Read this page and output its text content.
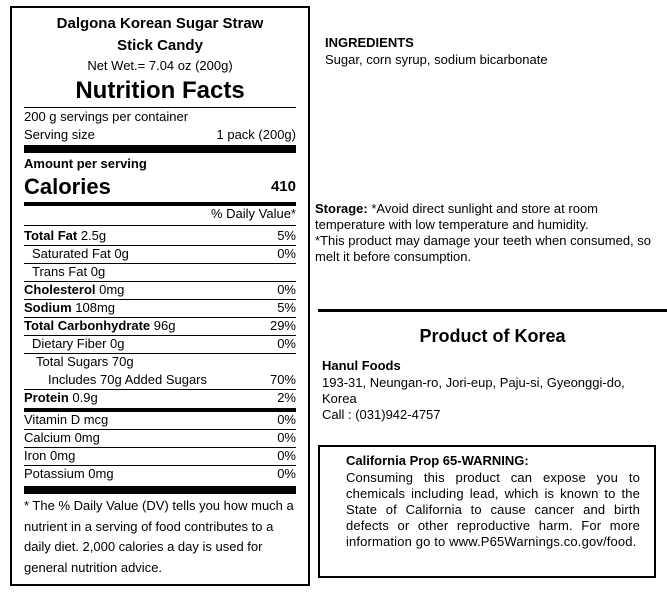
Dalgona Korean Sugar Straw
Stick Candy
Net Wet.= 7.04 oz (200g)
Nutrition Facts
200 g servings per container
Serving size	1 pack (200g)
Amount per serving
Calories	410
% Daily Value*
Total Fat 2.5g	5%
Saturated Fat 0g	0%
Trans Fat 0g
Cholesterol 0mg	0%
Sodium 108mg	5%
Total Carbonhydrate 96g	29%
Dietary Fiber 0g	0%
Total Sugars 70g
Includes 70g Added Sugars	70%
Protein 0.9g	2%
Vitamin D mcg	0%
Calcium 0mg	0%
Iron 0mg	0%
Potassium 0mg	0%
* The % Daily Value (DV) tells you how much a nutrient in a serving of food contributes to a daily diet. 2,000 calories a day is used for general nutrition advice.
INGREDIENTS
Sugar, corn syrup, sodium bicarbonate
Storage: *Avoid direct sunlight and store at room temperature with low temperature and humidity.
*This product may damage your teeth when consumed, so melt it before consumption.
Product of Korea
Hanul Foods
193-31, Neungan-ro, Jori-eup, Paju-si, Gyeonggi-do, Korea
Call : (031)942-4757
California Prop 65-WARNING:
Consuming this product can expose you to chemicals including lead, which is known to the State of California to cause cancer and birth defects or other reproductive harm. For more information go to www.P65Warnings.co.gov/food.
